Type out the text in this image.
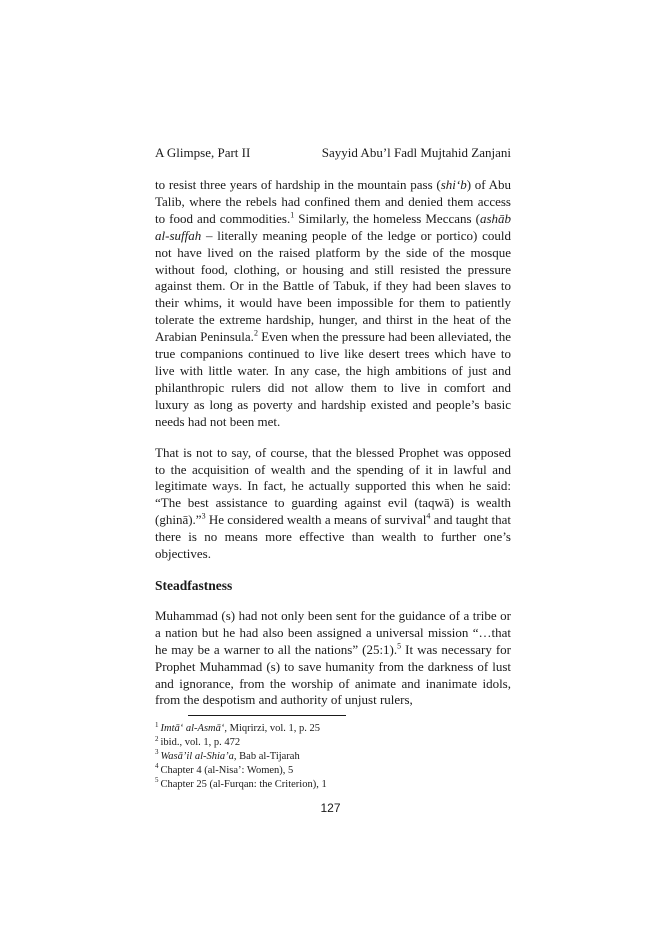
A Glimpse, Part II	Sayyid Abu’l Fadl Mujtahid Zanjani

to resist three years of hardship in the mountain pass (shi‘b) of Abu Talib, where the rebels had confined them and denied them access to food and commodities.$^1$ Similarly, the homeless Meccans (ashāb al-suffah – literally meaning people of the ledge or portico) could not have lived on the raised platform by the side of the mosque without food, clothing, or housing and still resisted the pressure against them. Or in the Battle of Tabuk, if they had been slaves to their whims, it would have been impossible for them to patiently tolerate the extreme hardship, hunger, and thirst in the heat of the Arabian Peninsula.$^2$ Even when the pressure had been alleviated, the true companions continued to live like desert trees which have to live with little water. In any case, the high ambitions of just and philanthropic rulers did not allow them to live in comfort and luxury as long as poverty and hardship existed and people’s basic needs had not been met.

That is not to say, of course, that the blessed Prophet was opposed to the acquisition of wealth and the spending of it in lawful and legitimate ways. In fact, he actually supported this when he said: “The best assistance to guarding against evil (taqwā) is wealth (ghinā).”$^3$ He considered wealth a means of survival$^4$ and taught that there is no means more effective than wealth to further one’s objectives.

Steadfastness

Muhammad (s) had not only been sent for the guidance of a tribe or a nation but he had also been assigned a universal mission “…that he may be a warner to all the nations” (25:1).$^5$ It was necessary for Prophet Muhammad (s) to save humanity from the darkness of lust and ignorance, from the worship of animate and inanimate idols, from the despotism and authority of unjust rulers,

$^1$ Imtā‘ al-Asmā‘, Miqrirzi, vol. 1, p. 25
$^2$ ibid., vol. 1, p. 472
$^3$ Wasā’il al-Shia’a, Bab al-Tijarah
$^4$ Chapter 4 (al-Nisa’: Women), 5
$^5$ Chapter 25 (al-Furqan: the Criterion), 1
127
